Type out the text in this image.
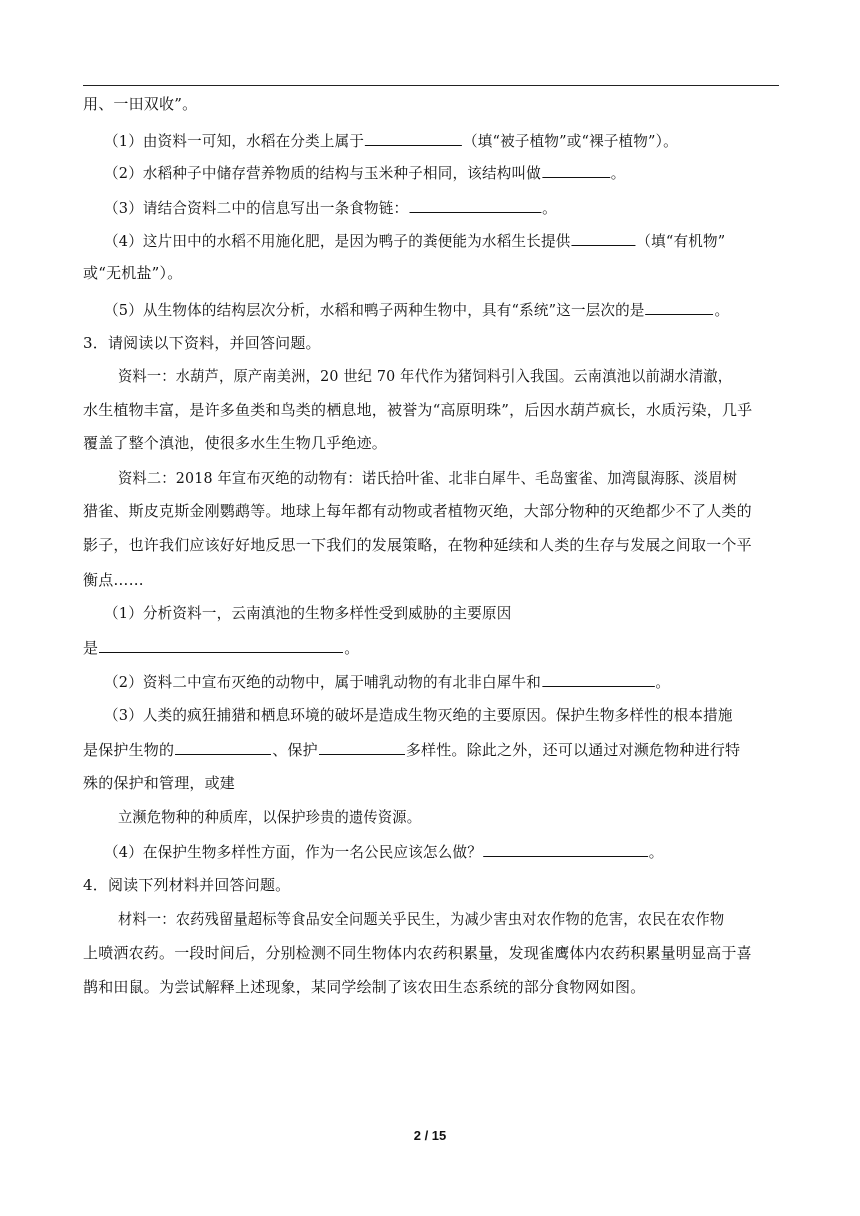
用、一田双收”。
（1）由资料一可知，水稻在分类上属于	（填“被子植物”或“裸子植物”）。
（2）水稻种子中储存营养物质的结构与玉米种子相同，该结构叫做	。
（3）请结合资料二中的信息写出一条食物链：	。
（4）这片田中的水稻不用施化肥，是因为鸭子的粪便能为水稻生长提供	（填“有机物”
或“无机盐”）。
（5）从生物体的结构层次分析，水稻和鸭子两种生物中，具有“系统”这一层次的是	。
3．请阅读以下资料，并回答问题。
资料一：水葫芦，原产南美洲，20 世纪 70 年代作为猪饲料引入我国。云南滇池以前湖水清澈，
水生植物丰富，是许多鱼类和鸟类的栖息地，被誉为“高原明珠”，后因水葫芦疯长，水质污染，几乎
覆盖了整个滇池，使很多水生生物几乎绝迹。
资料二：2018 年宣布灭绝的动物有：诺氏拾叶雀、北非白犀牛、毛岛蜜雀、加湾鼠海豚、淡眉树
猎雀、斯皮克斯金刚鹦鹉等。地球上每年都有动物或者植物灭绝，大部分物种的灭绝都少不了人类的
影子，也许我们应该好好地反思一下我们的发展策略，在物种延续和人类的生存与发展之间取一个平
衡点……
（1）分析资料一，云南滇池的生物多样性受到威胁的主要原因
是	。
（2）资料二中宣布灭绝的动物中，属于哺乳动物的有北非白犀牛和	。
（3）人类的疯狂捕猎和栖息环境的破坏是造成生物灭绝的主要原因。保护生物多样性的根本措施
是保护生物的	、保护	多样性。除此之外，还可以通过对濒危物种进行特
殊的保护和管理，或建
立濒危物种的种质库，以保护珍贵的遗传资源。
（4）在保护生物多样性方面，作为一名公民应该怎么做？	。
4．阅读下列材料并回答问题。
材料一：农药残留量超标等食品安全问题关乎民生，为减少害虫对农作物的危害，农民在农作物
上喷洒农药。一段时间后，分别检测不同生物体内农药积累量，发现雀鹰体内农药积累量明显高于喜
鹊和田鼠。为尝试解释上述现象，某同学绘制了该农田生态系统的部分食物网如图。
2 / 15
